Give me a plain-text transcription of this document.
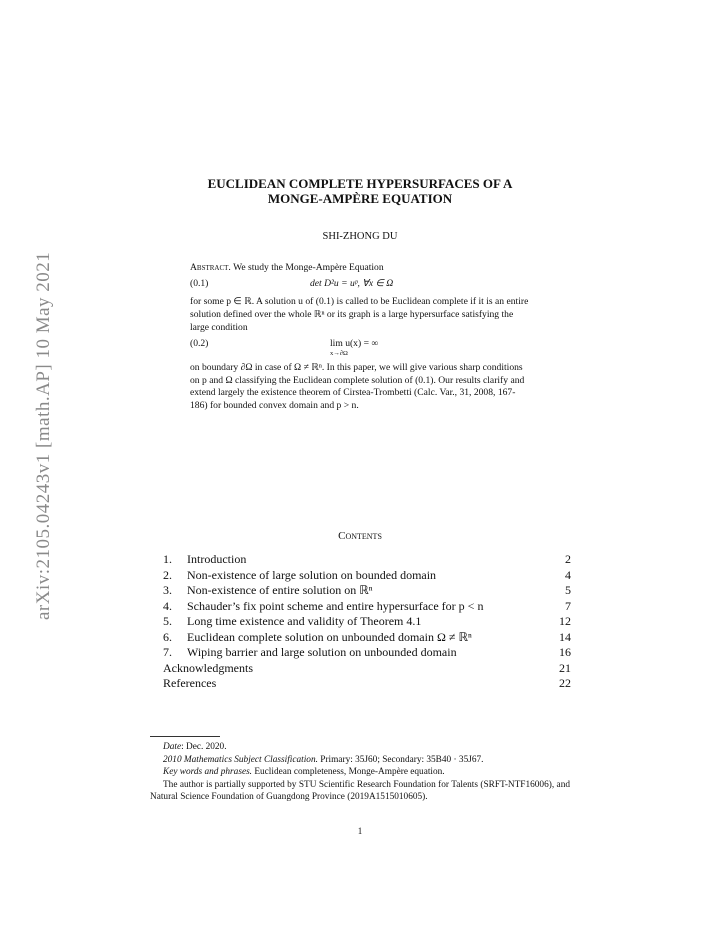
arXiv:2105.04243v1 [math.AP] 10 May 2021
EUCLIDEAN COMPLETE HYPERSURFACES OF A
MONGE-AMPÈRE EQUATION
SHI-ZHONG DU
Abstract. We study the Monge-Ampère Equation
(0.1)	det D²u = uᵖ, ∀x ∈ Ω
for some p ∈ ℝ. A solution u of (0.1) is called to be Euclidean complete if it is an entire solution defined over the whole ℝⁿ or its graph is a large hypersurface satisfying the large condition
(0.2)	lim u(x) = ∞
x→∂Ω
on boundary ∂Ω in case of Ω ≠ ℝⁿ. In this paper, we will give various sharp conditions on p and Ω classifying the Euclidean complete solution of (0.1). Our results clarify and extend largely the existence theorem of Cirstea-Trombetti (Calc. Var., 31, 2008, 167-186) for bounded convex domain and p > n.
Contents
1. Introduction	2
2. Non-existence of large solution on bounded domain	4
3. Non-existence of entire solution on ℝⁿ	5
4. Schauder’s fix point scheme and entire hypersurface for p < n	7
5. Long time existence and validity of Theorem 4.1	12
6. Euclidean complete solution on unbounded domain Ω ≠ ℝⁿ	14
7. Wiping barrier and large solution on unbounded domain	16
Acknowledgments	21
References	22

Date: Dec. 2020.

2010 Mathematics Subject Classification. Primary: 35J60; Secondary: 35B40 · 35J67.

Key words and phrases. Euclidean completeness, Monge-Ampère equation.

The author is partially supported by STU Scientific Research Foundation for Talents (SRFT-NTF16006), and Natural Science Foundation of Guangdong Province (2019A1515010605).

1
